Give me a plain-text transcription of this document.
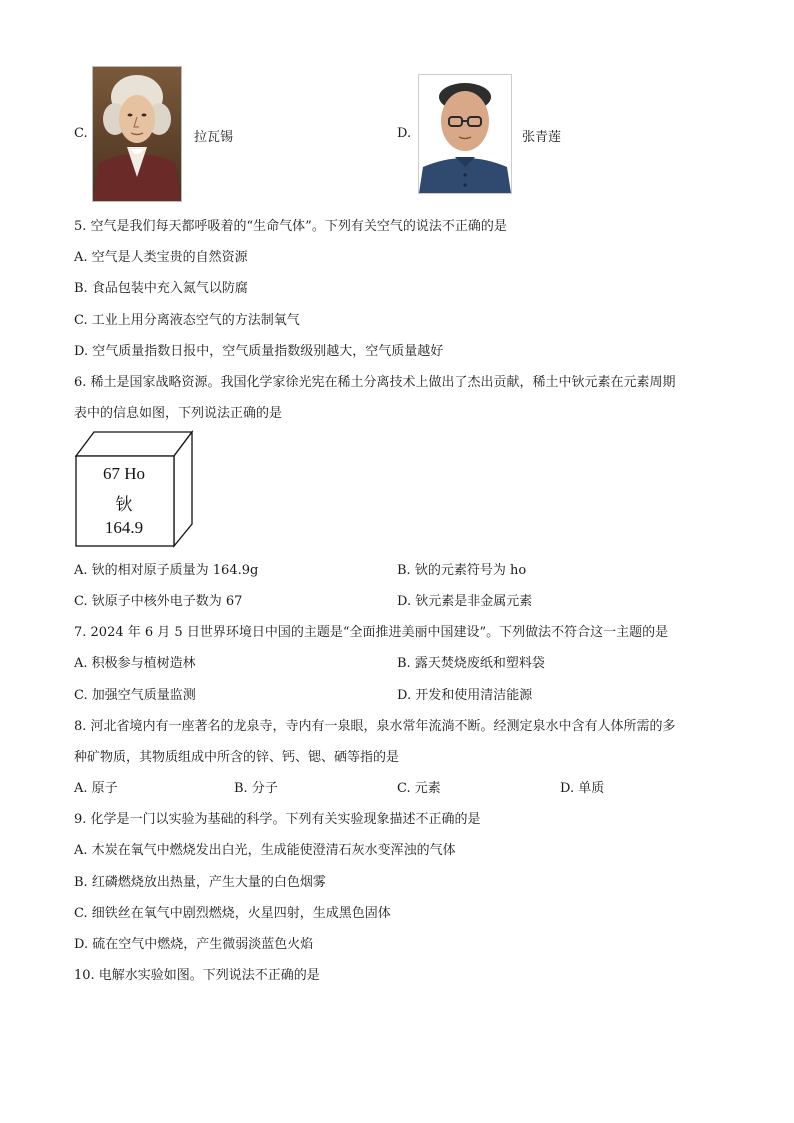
C.	拉瓦锡	D.	张青莲
5. 空气是我们每天都呼吸着的“生命气体”。下列有关空气的说法不正确的是
A. 空气是人类宝贵的自然资源
B. 食品包装中充入氮气以防腐
C. 工业上用分离液态空气的方法制氧气
D. 空气质量指数日报中，空气质量指数级别越大，空气质量越好
6. 稀土是国家战略资源。我国化学家徐光宪在稀土分离技术上做出了杰出贡献，稀土中钬元素在元素周期
表中的信息如图，下列说法正确的是
67 Ho
钬
164.9
A. 钬的相对原子质量为 164.9g	B. 钬的元素符号为 ho
C. 钬原子中核外电子数为 67	D. 钬元素是非金属元素
7. 2024 年 6 月 5 日世界环境日中国的主题是“全面推进美丽中国建设”。下列做法不符合这一主题的是
A. 积极参与植树造林	B. 露天焚烧废纸和塑料袋
C. 加强空气质量监测	D. 开发和使用清洁能源
8. 河北省境内有一座著名的龙泉寺，寺内有一泉眼，泉水常年流淌不断。经测定泉水中含有人体所需的多
种矿物质，其物质组成中所含的锌、钙、锶、硒等指的是
A. 原子	B. 分子	C. 元素	D. 单质
9. 化学是一门以实验为基础的科学。下列有关实验现象描述不正确的是
A. 木炭在氧气中燃烧发出白光，生成能使澄清石灰水变浑浊的气体
B. 红磷燃烧放出热量，产生大量的白色烟雾
C. 细铁丝在氧气中剧烈燃烧，火星四射，生成黑色固体
D. 硫在空气中燃烧，产生微弱淡蓝色火焰
10. 电解水实验如图。下列说法不正确的是
